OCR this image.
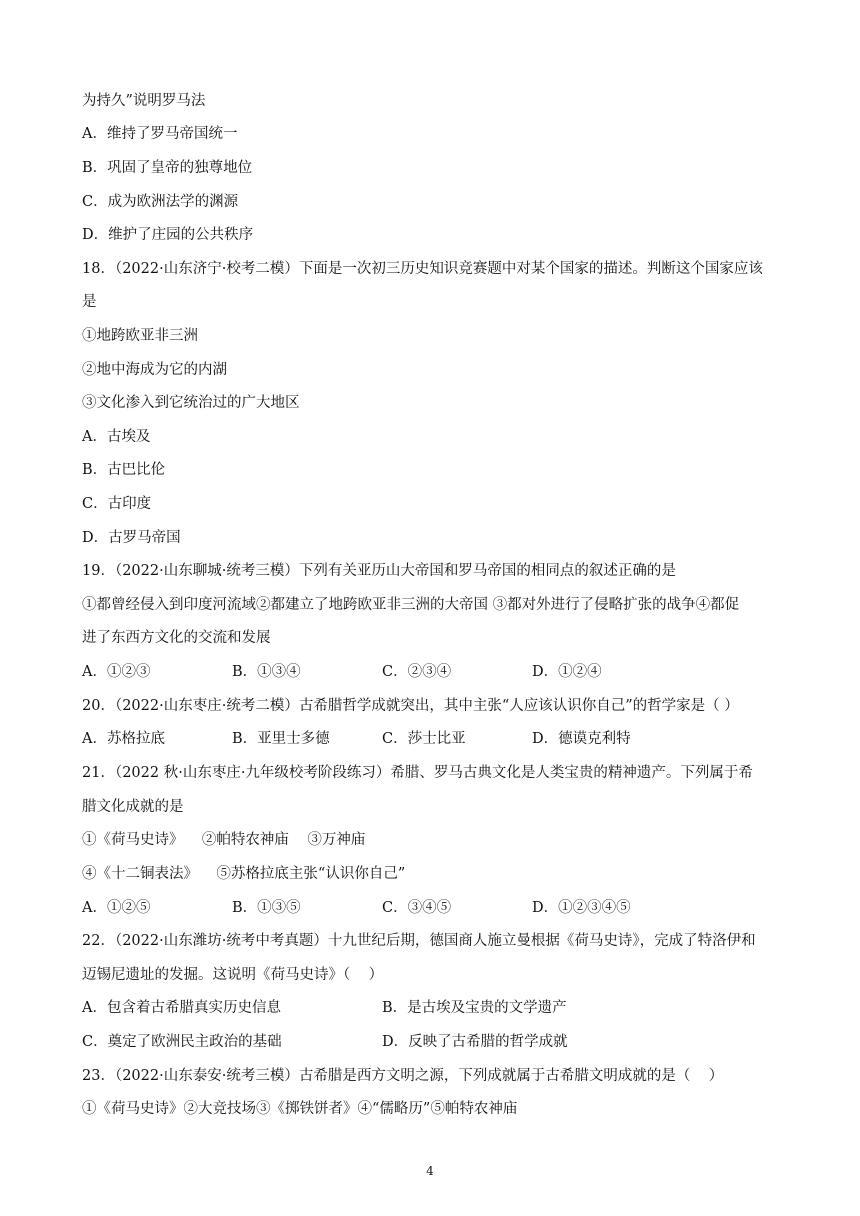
为持久”说明罗马法
A．维持了罗马帝国统一
B．巩固了皇帝的独尊地位
C．成为欧洲法学的渊源
D．维护了庄园的公共秩序
18．（2022·山东济宁·校考二模）下面是一次初三历史知识竞赛题中对某个国家的描述。判断这个国家应该
是
①地跨欧亚非三洲
②地中海成为它的内湖
③文化渗入到它统治过的广大地区
A．古埃及
B．古巴比伦
C．古印度
D．古罗马帝国
19．（2022·山东聊城·统考三模）下列有关亚历山大帝国和罗马帝国的相同点的叙述正确的是
①都曾经侵入到印度河流域②都建立了地跨欧亚非三洲的大帝国 ③都对外进行了侵略扩张的战争④都促
进了东西方文化的交流和发展
A．①②③	B．①③④	C．②③④	D．①②④
20．（2022·山东枣庄·统考二模）古希腊哲学成就突出，其中主张“人应该认识你自己”的哲学家是（ ）
A．苏格拉底	B．亚里士多德	C．莎士比亚	D．德谟克利特
21．（2022 秋·山东枣庄·九年级校考阶段练习）希腊、罗马古典文化是人类宝贵的精神遗产。下列属于希
腊文化成就的是
①《荷马史诗》    ②帕特农神庙    ③万神庙
④《十二铜表法》    ⑤苏格拉底主张“认识你自己”
A．①②⑤	B．①③⑤	C．③④⑤	D．①②③④⑤
22．（2022·山东潍坊·统考中考真题）十九世纪后期，德国商人施立曼根据《荷马史诗》，完成了特洛伊和
迈锡尼遗址的发掘。这说明《荷马史诗》（    ）
A．包含着古希腊真实历史信息	B．是古埃及宝贵的文学遗产
C．奠定了欧洲民主政治的基础	D．反映了古希腊的哲学成就
23．（2022·山东泰安·统考三模）古希腊是西方文明之源，下列成就属于古希腊文明成就的是（    ）
①《荷马史诗》②大竞技场③《掷铁饼者》④“儒略历”⑤帕特农神庙
4
